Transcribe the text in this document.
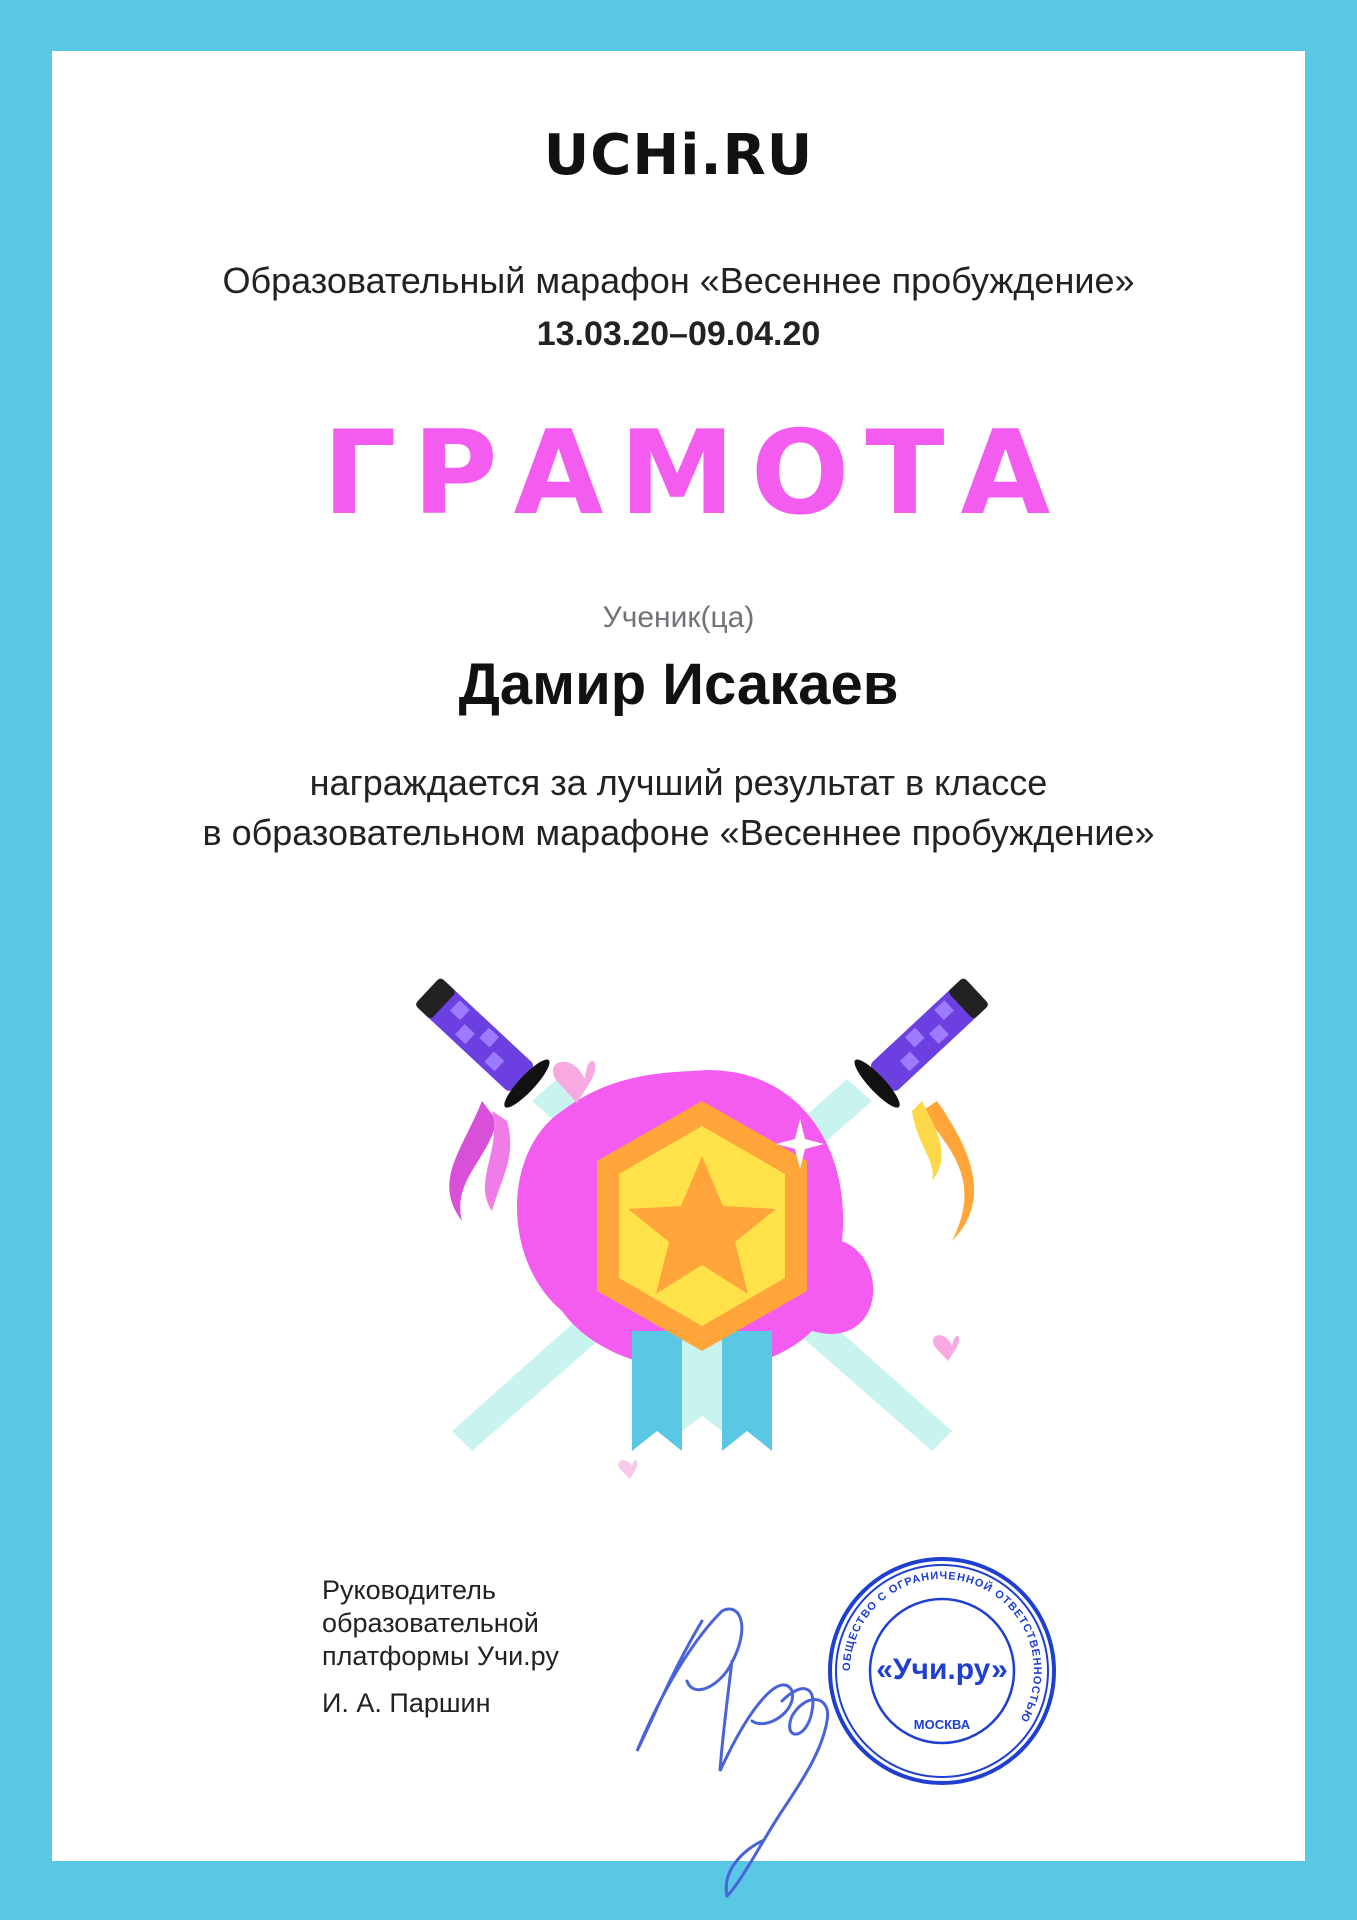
UCHi.RU
Образовательный марафон «Весеннее пробуждение»
13.03.20–09.04.20
ГРАМОТА
Ученик(ца)
Дамир Исакаев
награждается за лучший результат в классе
в образовательном марафоне «Весеннее пробуждение»
Руководитель
образовательной
платформы Учи.ру
И. А. Паршин
ОБЩЕСТВО С ОГРАНИЧЕННОЙ ОТВЕТСТВЕННОСТЬЮ
«Учи.ру»
МОСКВА
